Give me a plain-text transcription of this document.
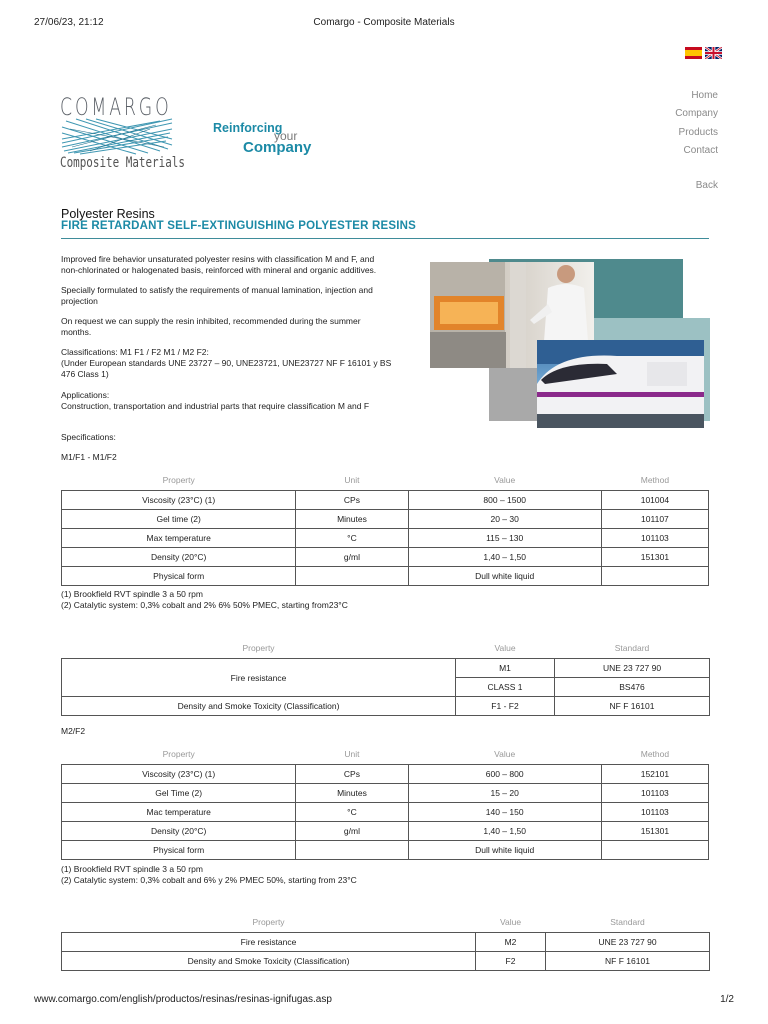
27/06/23, 21:12	Comargo - Composite Materials
COMARGO
Composite Materials
Reinforcing
your
Company
Home
Company
Products
Contact
Back
Polyester Resins
FIRE RETARDANT SELF-EXTINGUISHING POLYESTER RESINS
Improved fire behavior unsaturated polyester resins with classification M and F, and non-chlorinated or halogenated basis, reinforced with mineral and organic additives.
Specially formulated to satisfy the requirements of manual lamination, injection and projection
On request we can supply the resin inhibited, recommended during the summer months.
Classifications: M1 F1 / F2 M1 / M2 F2:
(Under European standards UNE 23727 – 90, UNE23721, UNE23727 NF F 16101 y BS 476 Class 1)
Applications:
Construction, transportation and industrial parts that require classification M and F
Specifications:
M1/F1 - M1/F2
Property	Unit	Value	Method
Viscosity (23°C) (1)	CPs	800 – 1500	101004
Gel time (2)	Minutes	20 – 30	101107
Max temperature	°C	115 – 130	101103
Density (20°C)	g/ml	1,40 – 1,50	151301
Physical form		Dull white liquid	
(1) Brookfield RVT spindle 3 a 50 rpm
(2) Catalytic system: 0,3% cobalt and 2% 6% 50% PMEC, starting from23°C
Property	Value	Standard
Fire resistance	M1	UNE 23 727 90
	CLASS 1	BS476
Density and Smoke Toxicity (Classification)	F1 - F2	NF F 16101
M2/F2
Property	Unit	Value	Method
Viscosity (23°C) (1)	CPs	600 – 800	152101
Gel Time (2)	Minutes	15 – 20	101103
Mac temperature	°C	140 – 150	101103
Density (20°C)	g/ml	1,40 – 1,50	151301
Physical form		Dull white liquid	
(1) Brookfield RVT spindle 3 a 50 rpm
(2) Catalytic system: 0,3% cobalt and 6% y 2% PMEC 50%, starting from 23°C
Property	Value	Standard
Fire resistance	M2	UNE 23 727 90
Density and Smoke Toxicity (Classification)	F2	NF F 16101
www.comargo.com/english/productos/resinas/resinas-ignifugas.asp	1/2
